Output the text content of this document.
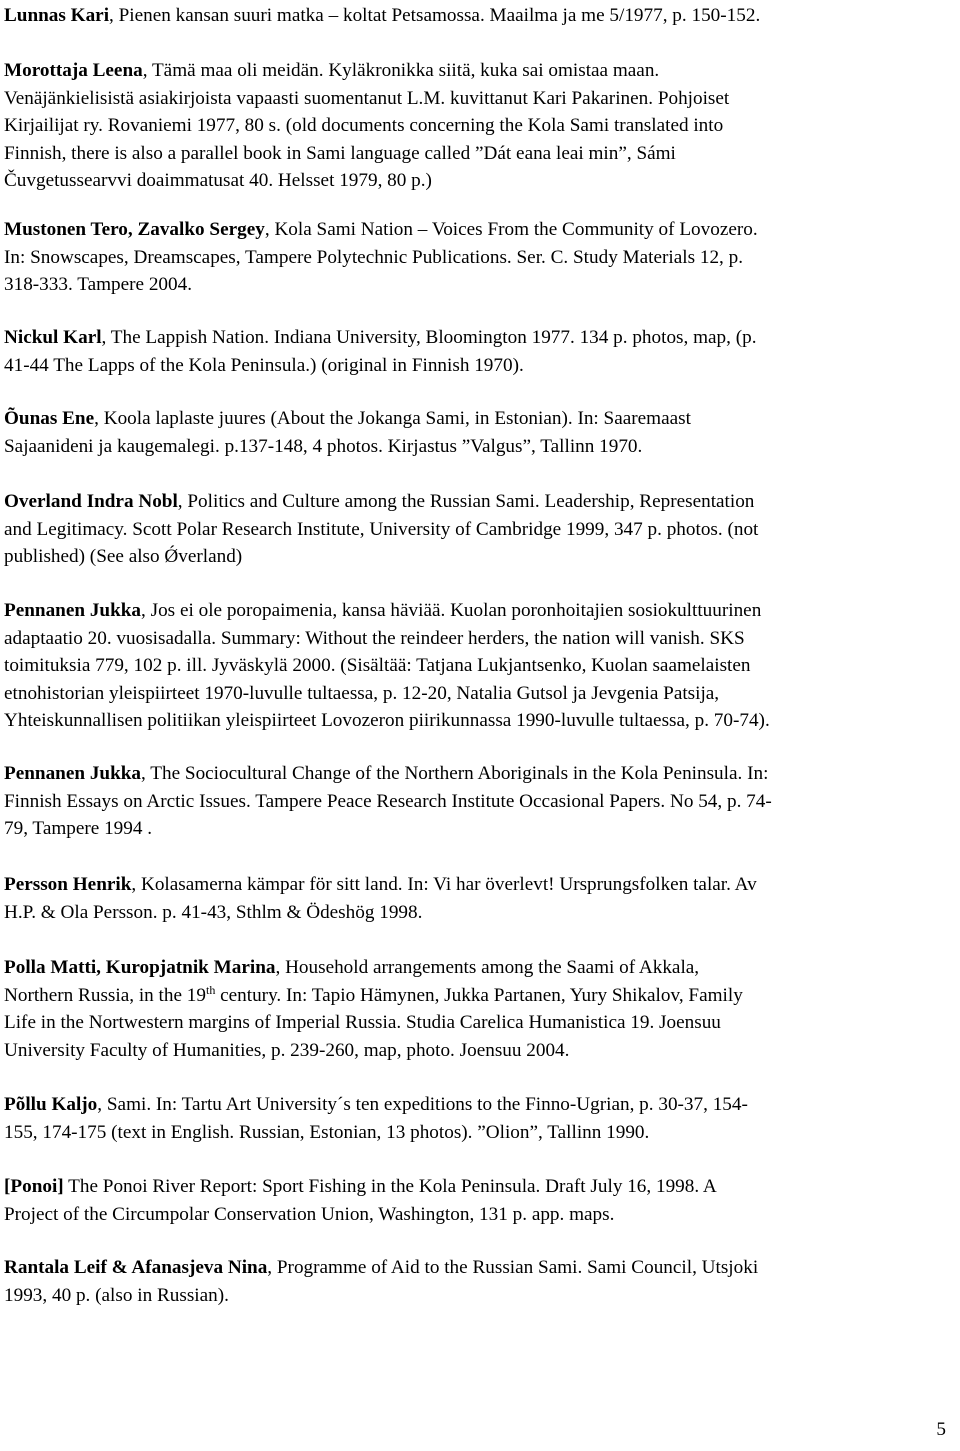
Lunnas Kari, Pienen kansan suuri matka – koltat Petsamossa. Maailma ja me 5/1977, p. 150-152.

Morottaja Leena, Tämä maa oli meidän. Kyläkronikka siitä, kuka sai omistaa maan.
Venäjänkielisistä asiakirjoista vapaasti suomentanut L.M. kuvittanut Kari Pakarinen. Pohjoiset
Kirjailijat ry. Rovaniemi 1977, 80 s. (old documents concerning the Kola Sami translated into
Finnish, there is also a parallel book in Sami language called ”Dát eana leai min”, Sámi
Čuvgetussearvvi doaimmatusat 40. Helsset 1979, 80 p.)

Mustonen Tero, Zavalko Sergey, Kola Sami Nation – Voices From the Community of Lovozero.
In: Snowscapes, Dreamscapes, Tampere Polytechnic Publications. Ser. C. Study Materials 12, p.
318-333. Tampere 2004.

Nickul Karl, The Lappish Nation. Indiana University, Bloomington 1977. 134 p. photos, map, (p.
41-44 The Lapps of the Kola Peninsula.) (original in Finnish 1970).

Õunas Ene, Koola laplaste juures (About the Jokanga Sami, in Estonian). In: Saaremaast
Sajaanideni ja kaugemalegi. p.137-148, 4 photos. Kirjastus ”Valgus”, Tallinn 1970.

Overland Indra Nobl, Politics and Culture among the Russian Sami. Leadership, Representation
and Legitimacy. Scott Polar Research Institute, University of Cambridge 1999, 347 p. photos. (not
published) (See also Ǿverland)

Pennanen Jukka, Jos ei ole poropaimenia, kansa häviää. Kuolan poronhoitajien sosiokulttuurinen
adaptaatio 20. vuosisadalla. Summary: Without the reindeer herders, the nation will vanish. SKS
toimituksia 779, 102 p. ill. Jyväskylä 2000. (Sisältää: Tatjana Lukjantsenko, Kuolan saamelaisten
etnohistorian yleispiirteet 1970-luvulle tultaessa, p. 12-20, Natalia Gutsol ja Jevgenia Patsija,
Yhteiskunnallisen politiikan yleispiirteet Lovozeron piirikunnassa 1990-luvulle tultaessa, p. 70-74).

Pennanen Jukka, The Sociocultural Change of the Northern Aboriginals in the Kola Peninsula. In:
Finnish Essays on Arctic Issues. Tampere Peace Research Institute Occasional Papers. No 54, p. 74-
79, Tampere 1994 .

Persson Henrik, Kolasamerna kämpar för sitt land. In: Vi har överlevt! Ursprungsfolken talar. Av
H.P. & Ola Persson. p. 41-43, Sthlm & Ödeshög 1998.

Polla Matti, Kuropjatnik Marina, Household arrangements among the Saami of Akkala,
Northern Russia, in the 19th century. In: Tapio Hämynen, Jukka Partanen, Yury Shikalov, Family
Life in the Nortwestern margins of Imperial Russia. Studia Carelica Humanistica 19. Joensuu
University Faculty of Humanities, p. 239-260, map, photo. Joensuu 2004.

Põllu Kaljo, Sami. In: Tartu Art University´s ten expeditions to the Finno-Ugrian, p. 30-37, 154-
155, 174-175 (text in English. Russian, Estonian, 13 photos). ”Olion”, Tallinn 1990.

[Ponoi] The Ponoi River Report: Sport Fishing in the Kola Peninsula. Draft July 16, 1998. A
Project of the Circumpolar Conservation Union, Washington, 131 p. app. maps.

Rantala Leif & Afanasjeva Nina, Programme of Aid to the Russian Sami. Sami Council, Utsjoki
1993, 40 p. (also in Russian).

5
